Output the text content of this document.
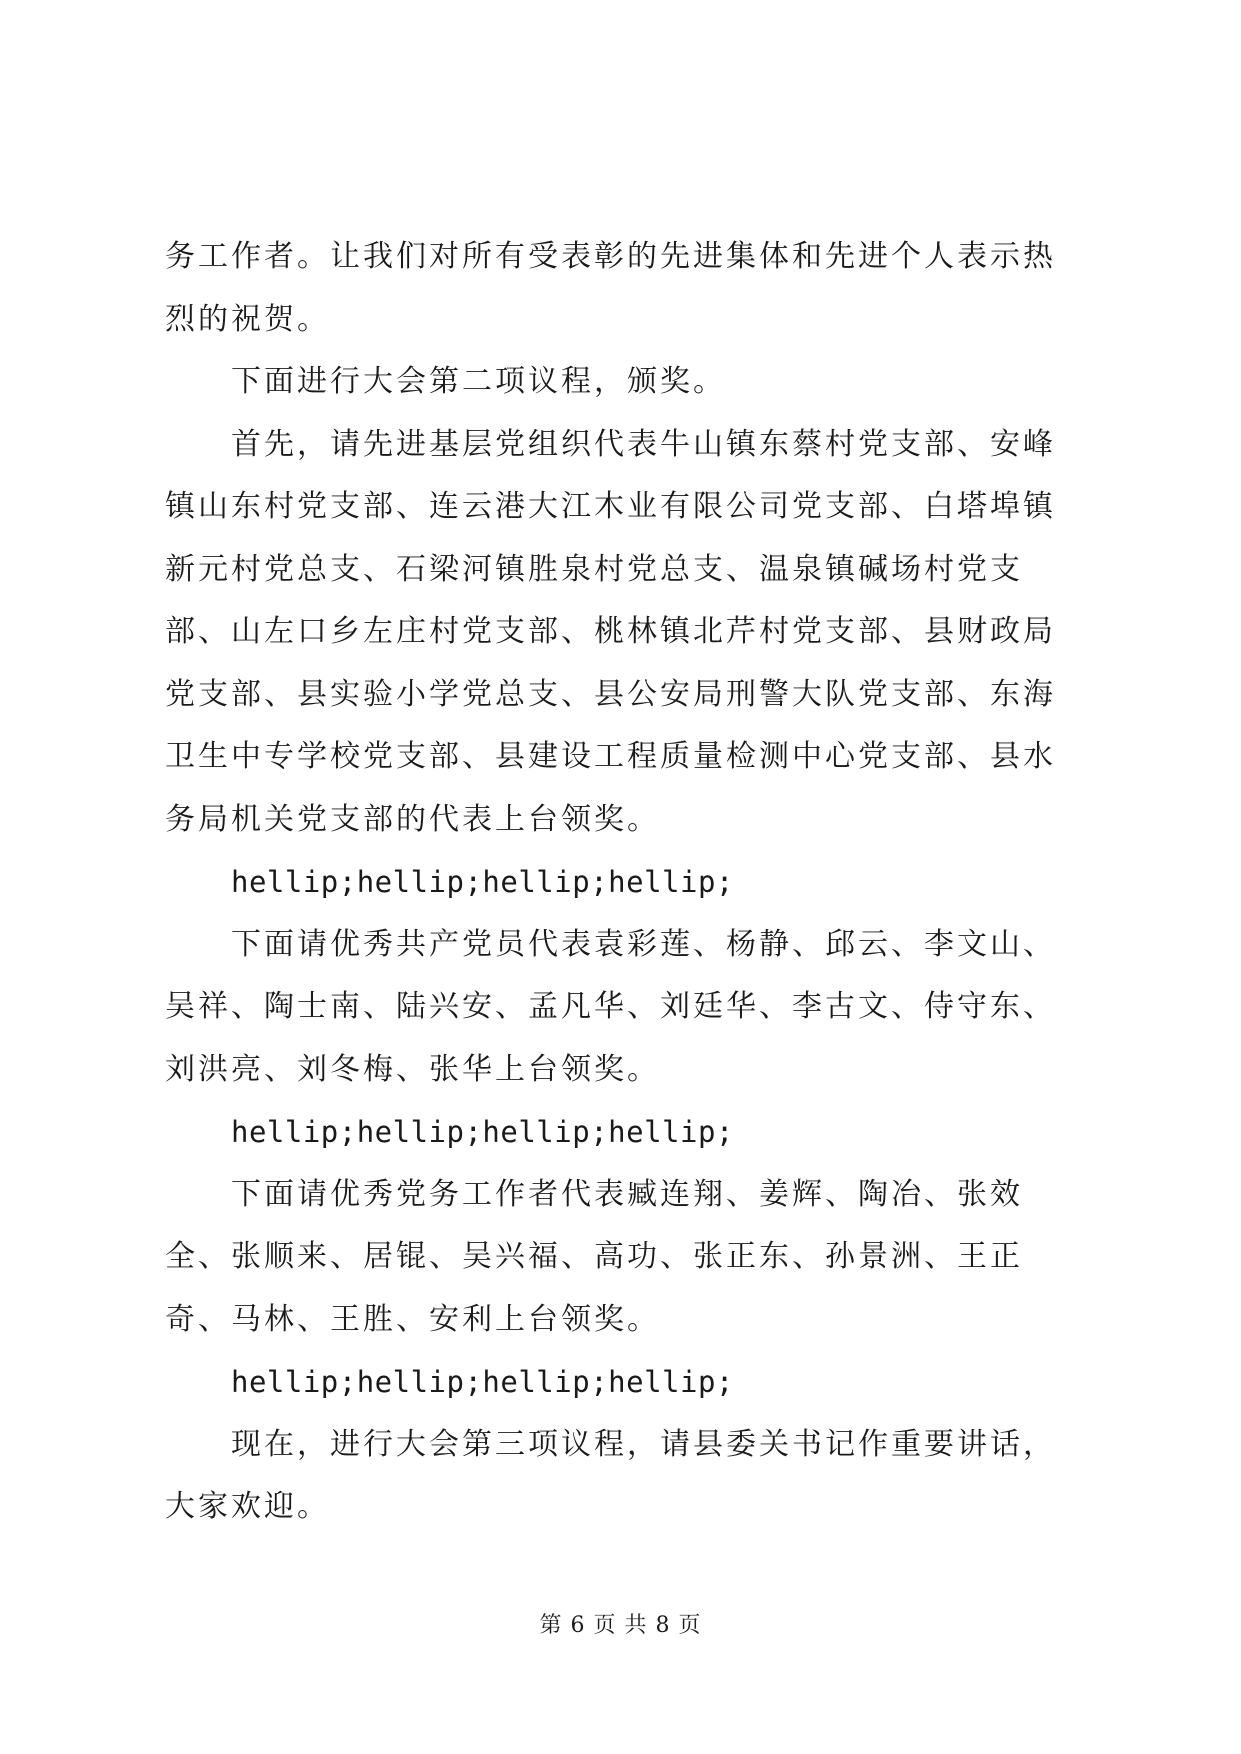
务工作者。让我们对所有受表彰的先进集体和先进个人表示热烈的祝贺。

下面进行大会第二项议程，颁奖。

首先，请先进基层党组织代表牛山镇东蔡村党支部、安峰镇山东村党支部、连云港大江木业有限公司党支部、白塔埠镇新元村党总支、石梁河镇胜泉村党总支、温泉镇碱场村党支部、山左口乡左庄村党支部、桃林镇北芹村党支部、县财政局党支部、县实验小学党总支、县公安局刑警大队党支部、东海卫生中专学校党支部、县建设工程质量检测中心党支部、县水务局机关党支部的代表上台领奖。

hellip;hellip;hellip;hellip;

下面请优秀共产党员代表袁彩莲、杨静、邱云、李文山、吴祥、陶士南、陆兴安、孟凡华、刘廷华、李古文、侍守东、刘洪亮、刘冬梅、张华上台领奖。

hellip;hellip;hellip;hellip;

下面请优秀党务工作者代表臧连翔、姜辉、陶冶、张效全、张顺来、居锟、吴兴福、高功、张正东、孙景洲、王正奇、马林、王胜、安利上台领奖。

hellip;hellip;hellip;hellip;

现在，进行大会第三项议程，请县委关书记作重要讲话，大家欢迎。

第 6 页 共 8 页
